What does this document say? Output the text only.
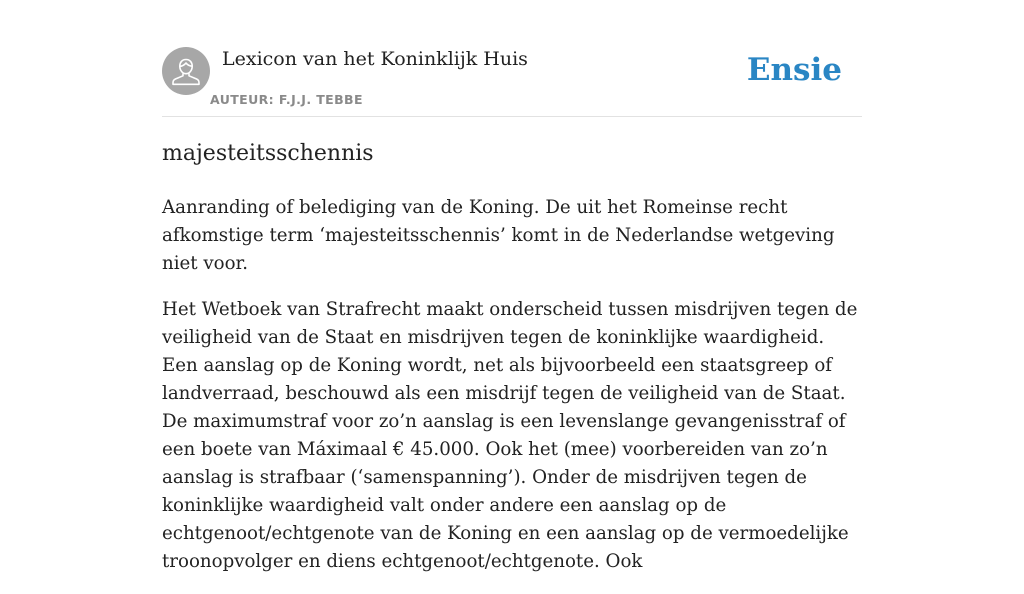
Lexicon van het Koninklijk Huis
AUTEUR: F.J.J. TEBBE
Ensie
majesteitsschennis

Aanranding of belediging van de Koning. De uit het Romeinse recht afkomstige term ‘majesteitsschennis’ komt in de Nederlandse wetgeving niet voor.

Het Wetboek van Strafrecht maakt onderscheid tussen misdrijven tegen de veiligheid van de Staat en misdrijven tegen de koninklijke waardigheid. Een aanslag op de Koning wordt, net als bijvoorbeeld een staatsgreep of landverraad, beschouwd als een misdrijf tegen de veiligheid van de Staat. De maximumstraf voor zo’n aanslag is een levenslange gevangenisstraf of een boete van Máximaal € 45.000. Ook het (mee) voorbereiden van zo’n aanslag is strafbaar (‘samenspanning’). Onder de misdrijven tegen de koninklijke waardigheid valt onder andere een aanslag op de echtgenoot/echtgenote van de Koning en een aanslag op de vermoedelijke troonopvolger en diens echtgenoot/echtgenote. Ook
